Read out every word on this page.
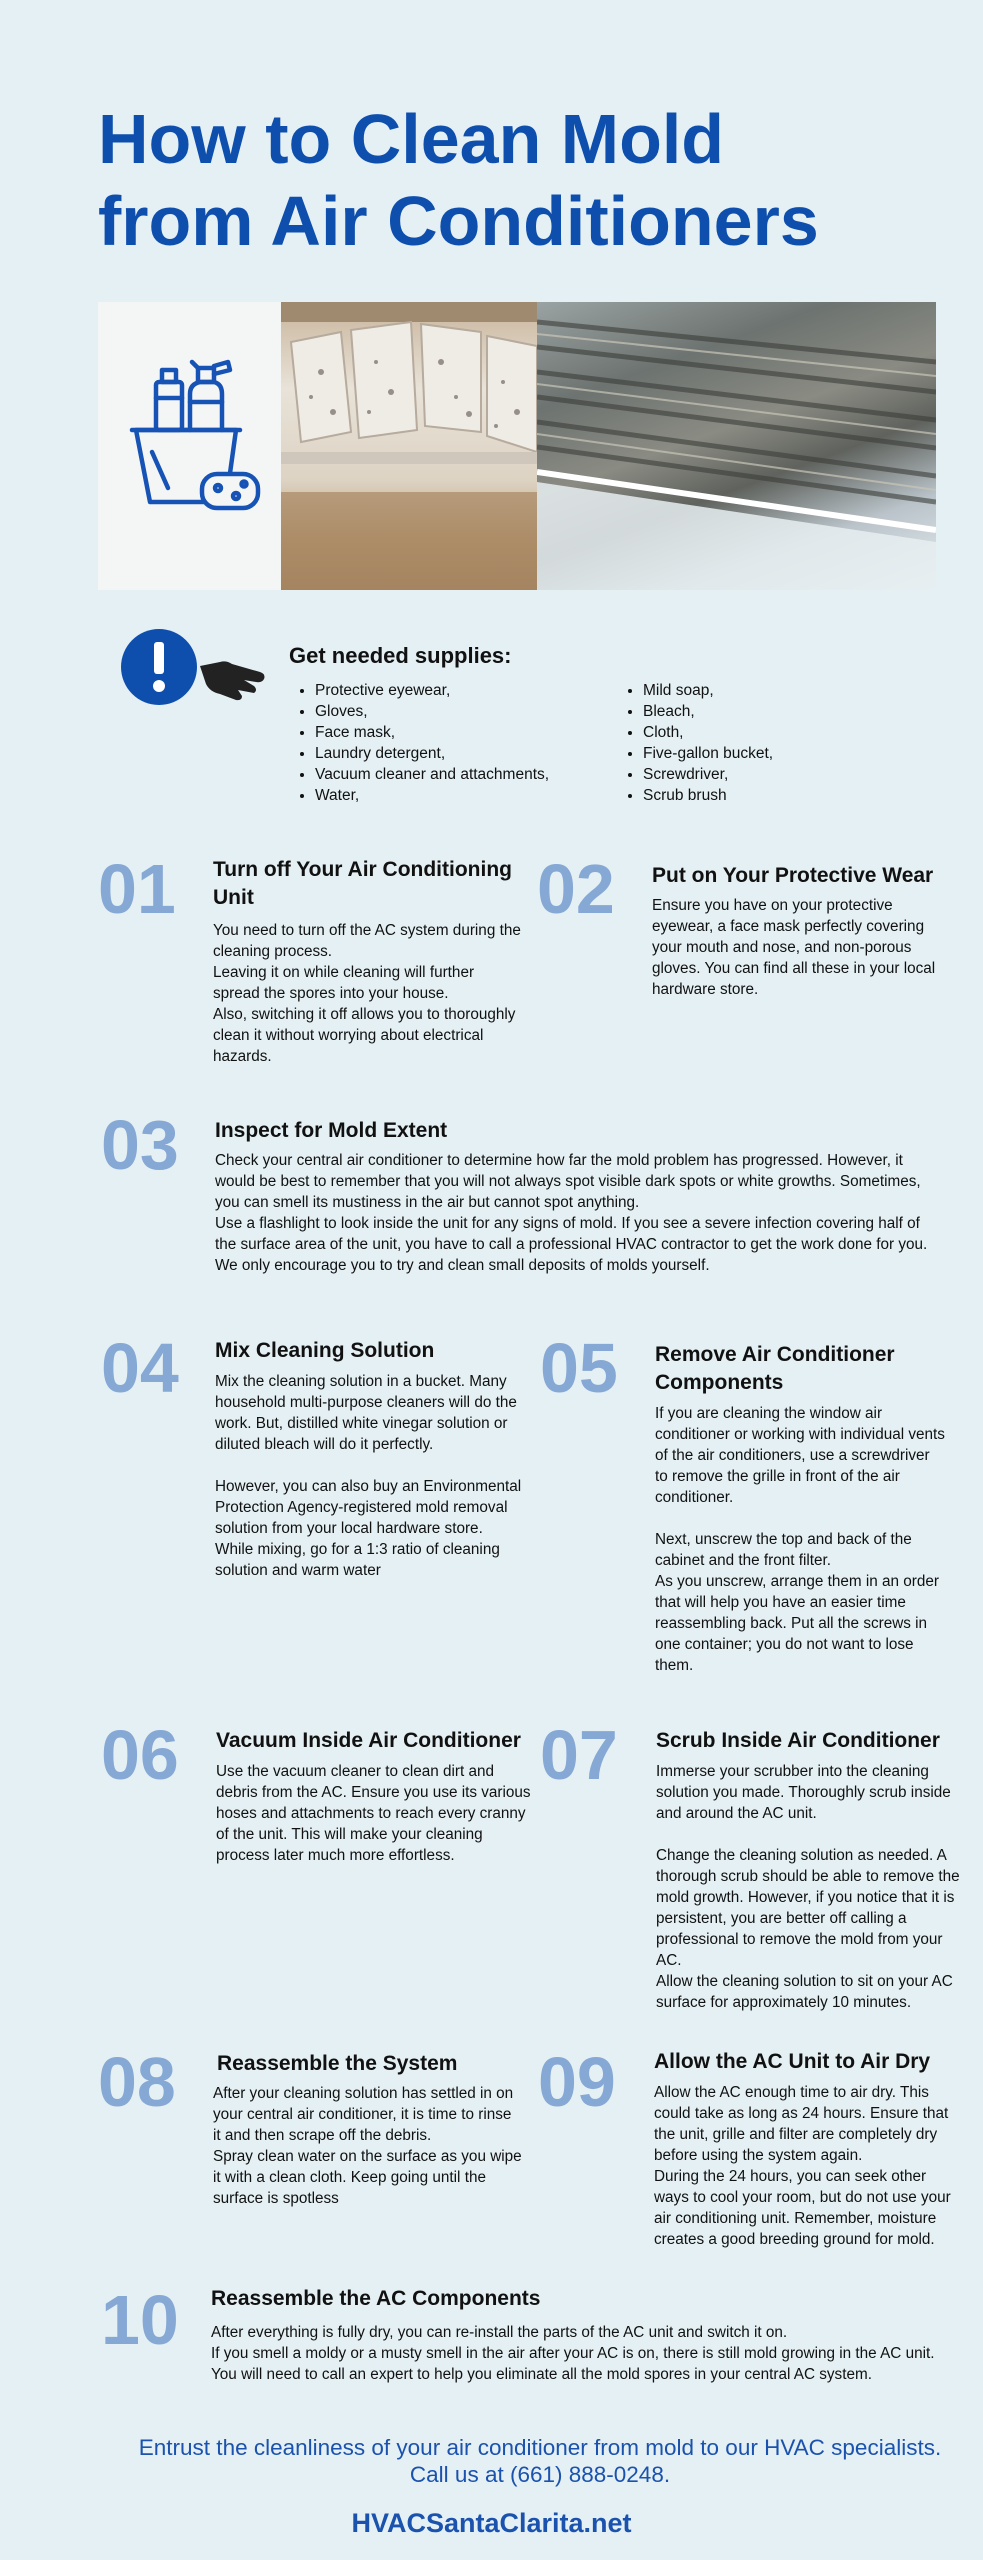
How to Clean Mold
from Air Conditioners
Get needed supplies:
• Protective eyewear,
• Gloves,
• Face mask,
• Laundry detergent,
• Vacuum cleaner and attachments,
• Water,
• Mild soap,
• Bleach,
• Cloth,
• Five-gallon bucket,
• Screwdriver,
• Scrub brush
01 Turn off Your Air Conditioning Unit

You need to turn off the AC system during the cleaning process.
Leaving it on while cleaning will further spread the spores into your house.
Also, switching it off allows you to thoroughly clean it without worrying about electrical hazards.

02 Put on Your Protective Wear

Ensure you have on your protective eyewear, a face mask perfectly covering your mouth and nose, and non-porous gloves. You can find all these in your local hardware store.

03 Inspect for Mold Extent

Check your central air conditioner to determine how far the mold problem has progressed. However, it would be best to remember that you will not always spot visible dark spots or white growths. Sometimes, you can smell its mustiness in the air but cannot spot anything.
Use a flashlight to look inside the unit for any signs of mold. If you see a severe infection covering half of the surface area of the unit, you have to call a professional HVAC contractor to get the work done for you. We only encourage you to try and clean small deposits of molds yourself.

04 Mix Cleaning Solution

Mix the cleaning solution in a bucket. Many household multi-purpose cleaners will do the work. But, distilled white vinegar solution or diluted bleach will do it perfectly.

However, you can also buy an Environmental Protection Agency-registered mold removal solution from your local hardware store. While mixing, go for a 1:3 ratio of cleaning solution and warm water

05 Remove Air Conditioner Components

If you are cleaning the window air conditioner or working with individual vents of the air conditioners, use a screwdriver to remove the grille in front of the air conditioner.

Next, unscrew the top and back of the cabinet and the front filter.
As you unscrew, arrange them in an order that will help you have an easier time reassembling back. Put all the screws in one container; you do not want to lose them.

06 Vacuum Inside Air Conditioner

Use the vacuum cleaner to clean dirt and debris from the AC. Ensure you use its various hoses and attachments to reach every cranny of the unit. This will make your cleaning process later much more effortless.

07 Scrub Inside Air Conditioner

Immerse your scrubber into the cleaning solution you made. Thoroughly scrub inside and around the AC unit.

Change the cleaning solution as needed. A thorough scrub should be able to remove the mold growth. However, if you notice that it is persistent, you are better off calling a professional to remove the mold from your AC.
Allow the cleaning solution to sit on your AC surface for approximately 10 minutes.

08 Reassemble the System

After your cleaning solution has settled in on your central air conditioner, it is time to rinse it and then scrape off the debris.
Spray clean water on the surface as you wipe it with a clean cloth. Keep going until the surface is spotless

09 Allow the AC Unit to Air Dry

Allow the AC enough time to air dry. This could take as long as 24 hours. Ensure that the unit, grille and filter are completely dry before using the system again.
During the 24 hours, you can seek other ways to cool your room, but do not use your air conditioning unit. Remember, moisture creates a good breeding ground for mold.

10 Reassemble the AC Components

After everything is fully dry, you can re-install the parts of the AC unit and switch it on.
If you smell a moldy or a musty smell in the air after your AC is on, there is still mold growing in the AC unit. You will need to call an expert to help you eliminate all the mold spores in your central AC system.

Entrust the cleanliness of your air conditioner from mold to our HVAC specialists. Call us at (661) 888-0248.

HVACSantaClarita.net
